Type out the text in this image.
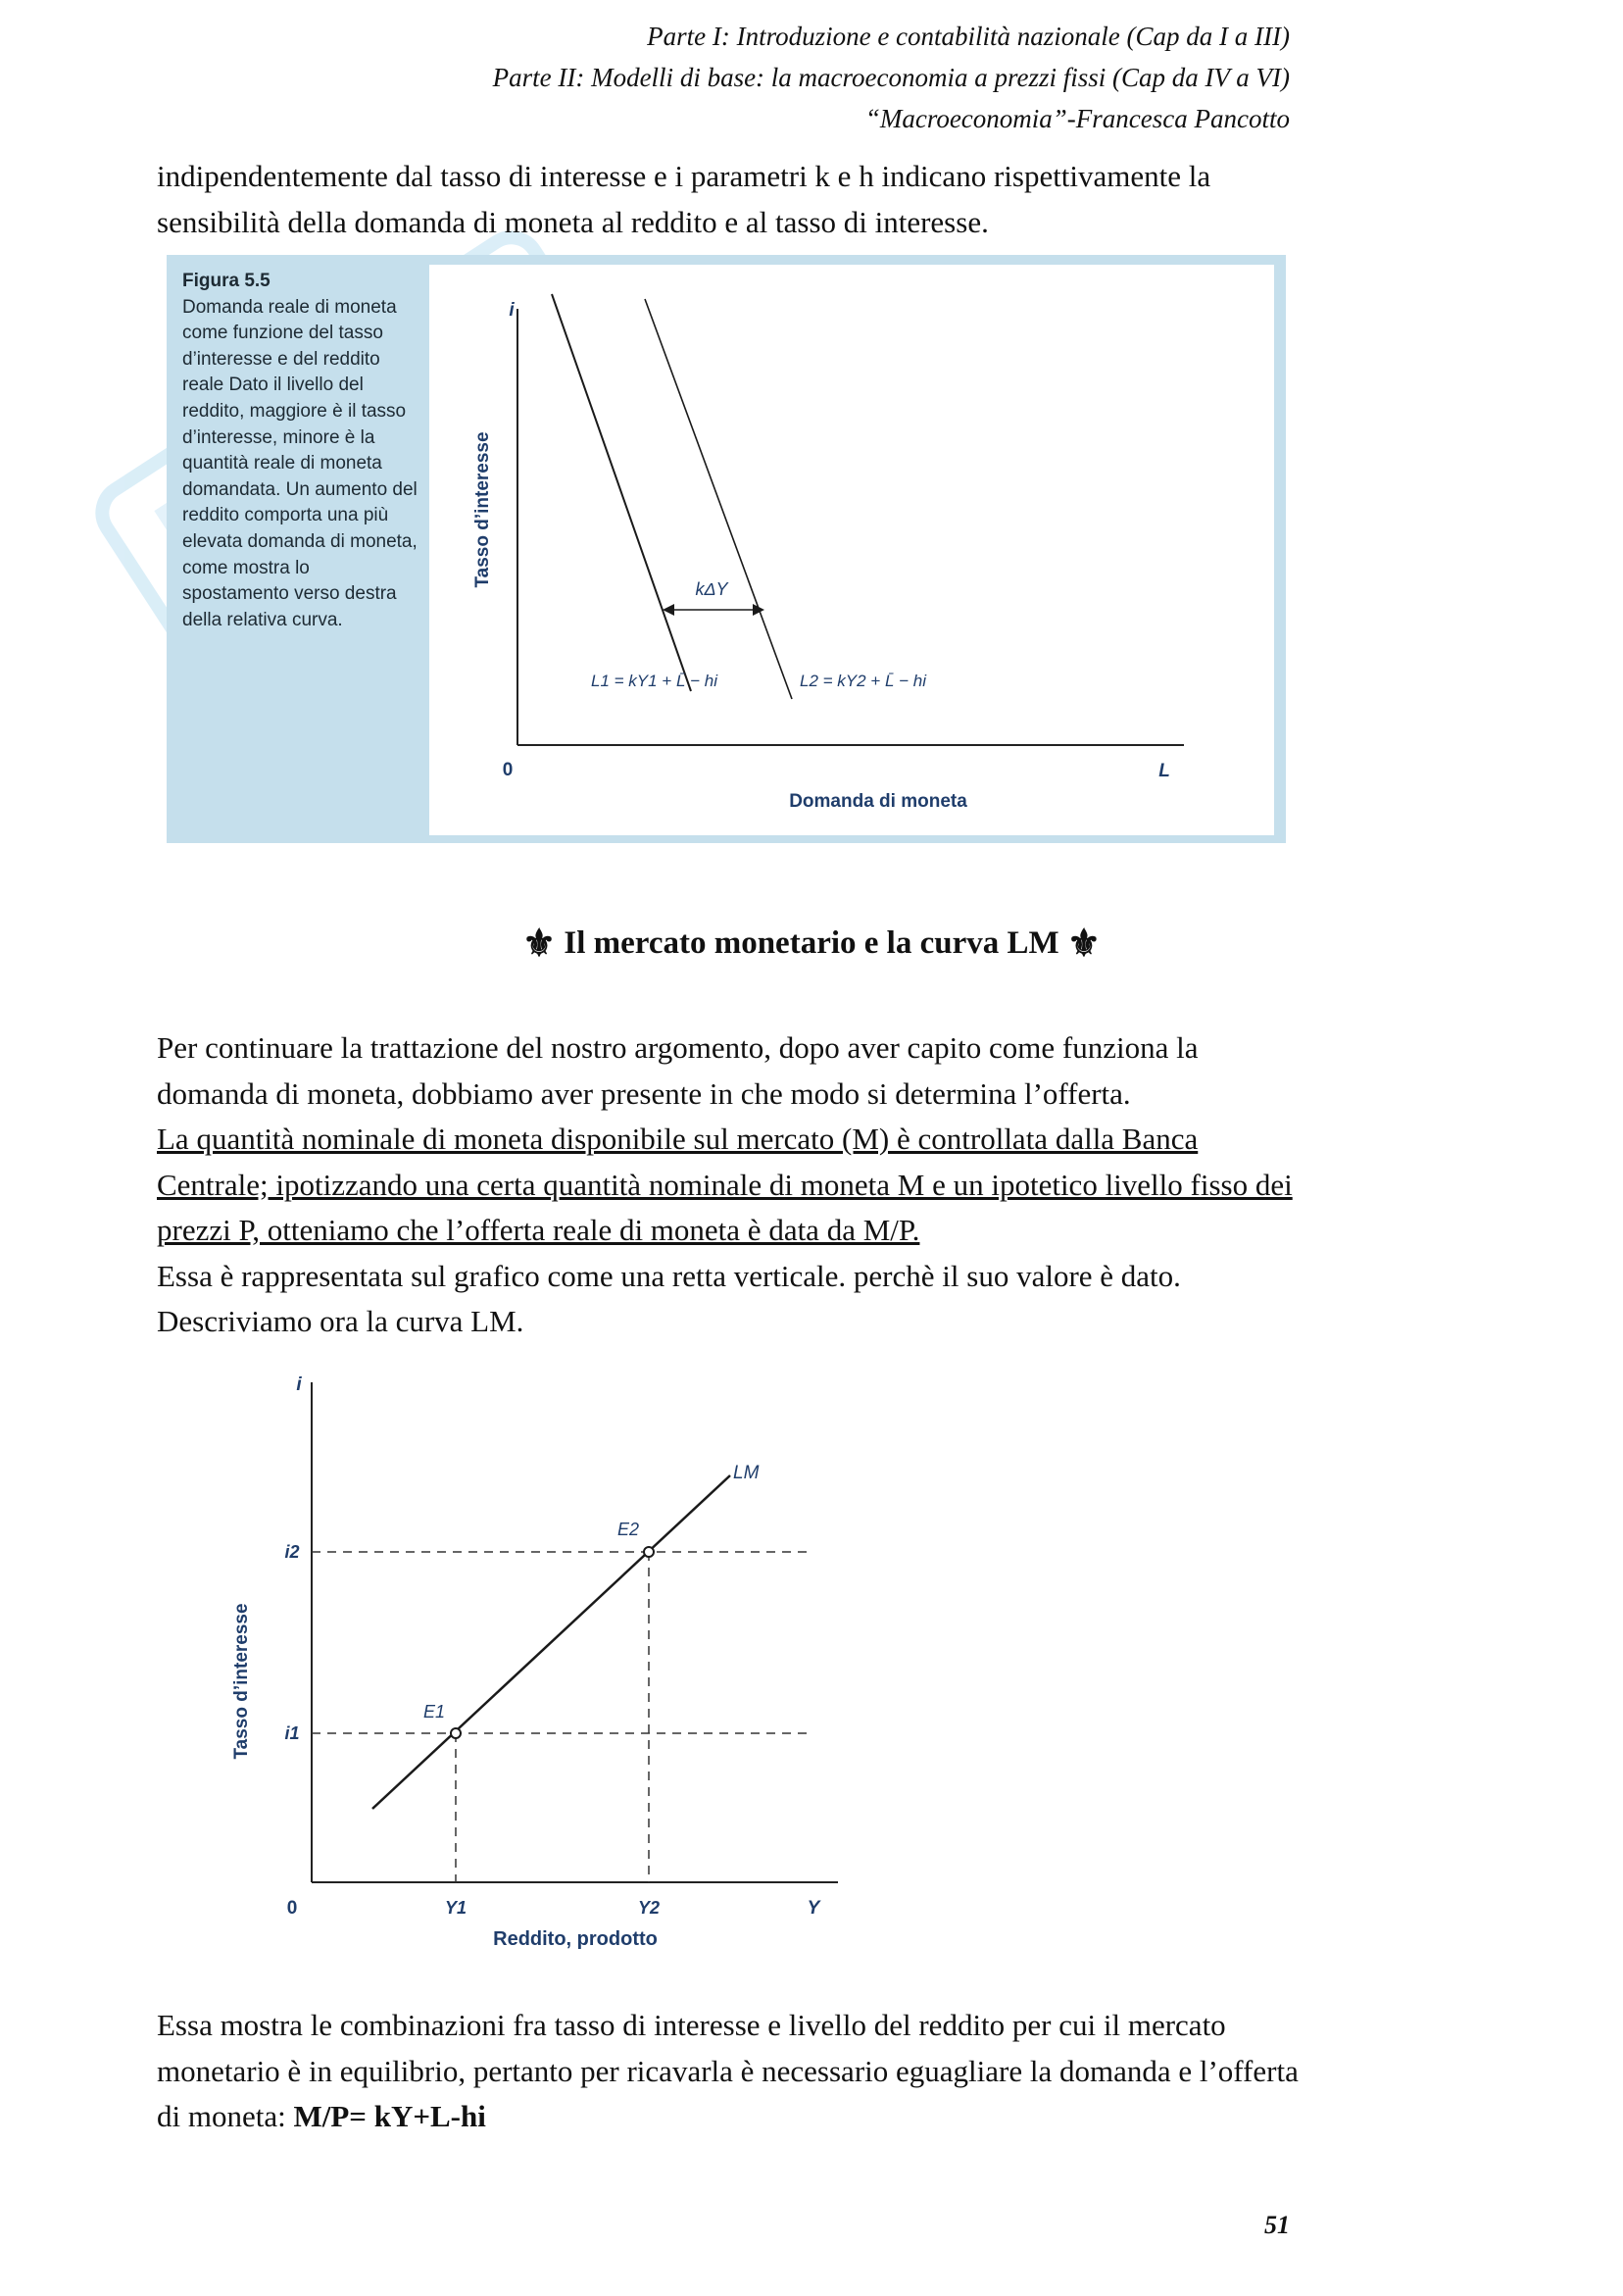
Parte I: Introduzione e contabilità nazionale (Cap da I a III)
Parte II: Modelli di base: la macroeconomia a prezzi fissi (Cap da IV a VI)
“Macroeconomia”-Francesca Pancotto

indipendentemente dal tasso di interesse e i parametri k e h indicano rispettivamente la sensibilità della domanda di moneta al reddito e al tasso di interesse.

Figura 5.5
Domanda reale di moneta come funzione del tasso d’interesse e del reddito reale Dato il livello del reddito, maggiore è il tasso d’interesse, minore è la quantità reale di moneta domandata. Un aumento del reddito comporta una più elevata domanda di moneta, come mostra lo spostamento verso destra della relativa curva.
i
L
0
Domanda di moneta
Tasso d’interesse
kΔY
L1 = kY1 + L̄ − hi	L2 = kY2 + L̄ − hi
⚜ Il mercato monetario e la curva LM ⚜

Per continuare la trattazione del nostro argomento, dopo aver capito come funziona la domanda di moneta, dobbiamo aver presente in che modo si determina l’offerta.

La quantità nominale di moneta disponibile sul mercato (M) è controllata dalla Banca Centrale; ipotizzando una certa quantità nominale di moneta M e un ipotetico livello fisso dei prezzi P, otteniamo che l’offerta reale di moneta è data da M/P.

Essa è rappresentata sul grafico come una retta verticale. perchè il suo valore è dato. Descriviamo ora la curva LM.

i
Y
0
Reddito, prodotto
Tasso d’interesse
LM
E1
E2
i1
i2
Y1	Y2

Essa mostra le combinazioni fra tasso di interesse e livello del reddito per cui il mercato monetario è in equilibrio, pertanto per ricavarla è necessario eguagliare la domanda e l’offerta di moneta: M/P= kY+L-hi

51
